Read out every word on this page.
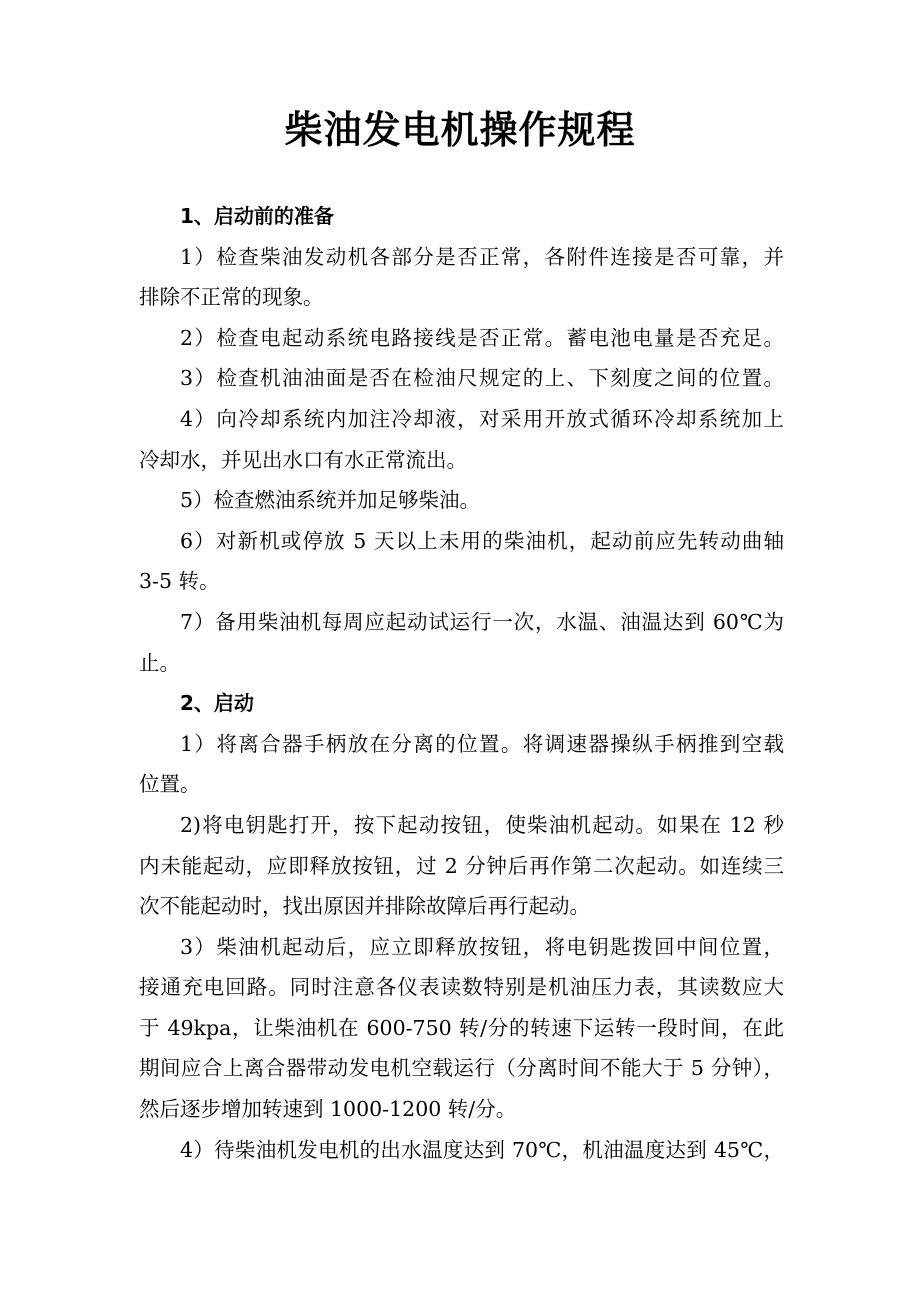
柴油发电机操作规程
1、启动前的准备
1）检查柴油发动机各部分是否正常，各附件连接是否可靠，并
排除不正常的现象。
2）检查电起动系统电路接线是否正常。蓄电池电量是否充足。
3）检查机油油面是否在检油尺规定的上、下刻度之间的位置。
4）向冷却系统内加注冷却液，对采用开放式循环冷却系统加上
冷却水，并见出水口有水正常流出。
5）检查燃油系统并加足够柴油。
6）对新机或停放 5 天以上未用的柴油机，起动前应先转动曲轴
3-5 转。
7）备用柴油机每周应起动试运行一次，水温、油温达到 60℃为
止。
2、启动
1）将离合器手柄放在分离的位置。将调速器操纵手柄推到空载
位置。
2)将电钥匙打开，按下起动按钮，使柴油机起动。如果在 12 秒
内未能起动，应即释放按钮，过 2 分钟后再作第二次起动。如连续三
次不能起动时，找出原因并排除故障后再行起动。
3）柴油机起动后，应立即释放按钮，将电钥匙拨回中间位置，
接通充电回路。同时注意各仪表读数特别是机油压力表，其读数应大
于 49kpa，让柴油机在 600-750 转/分的转速下运转一段时间，在此
期间应合上离合器带动发电机空载运行（分离时间不能大于 5 分钟），
然后逐步增加转速到 1000-1200 转/分。
4）待柴油机发电机的出水温度达到 70℃，机油温度达到 45℃，
